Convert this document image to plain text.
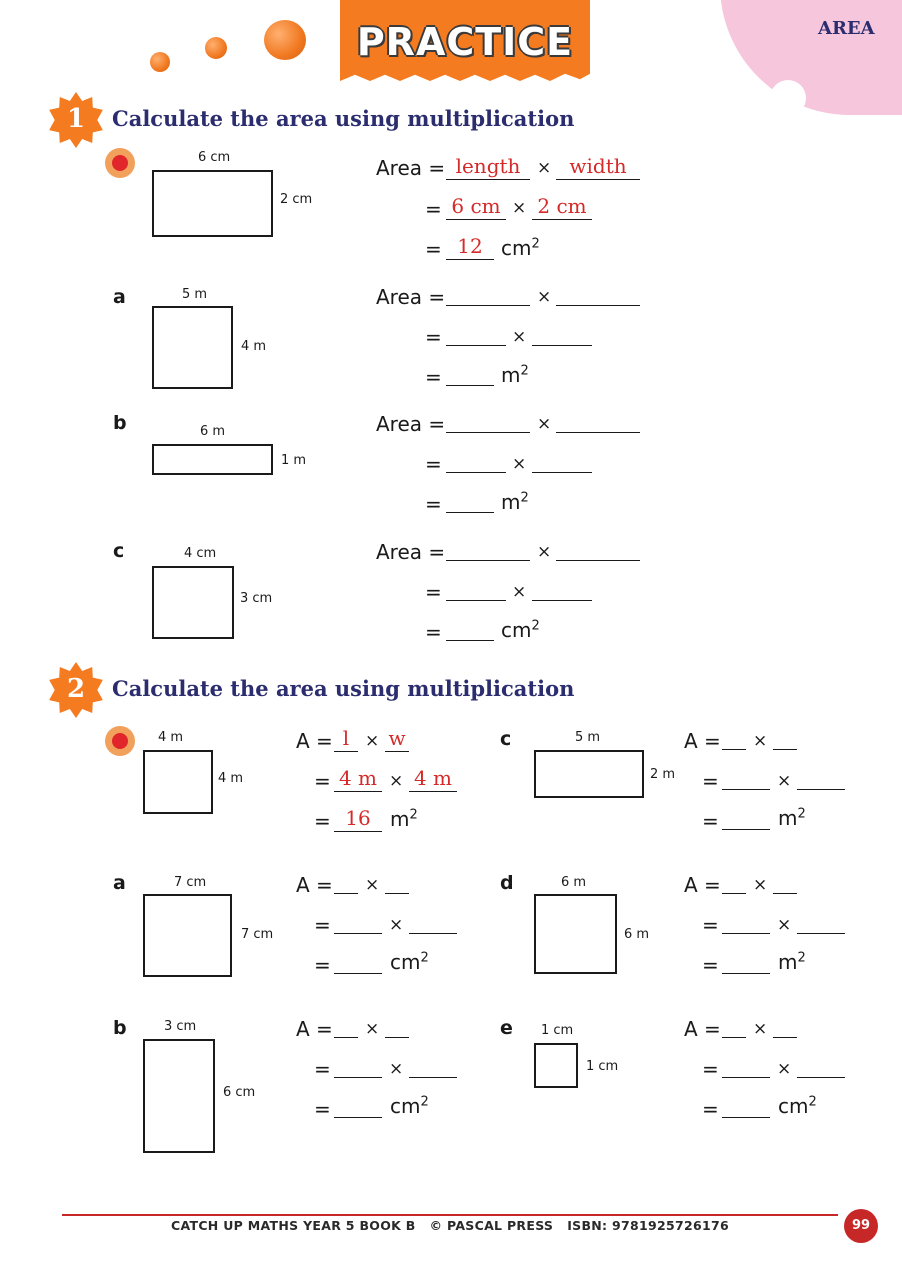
PRACTICE	AREA
1	Calculate the area using multiplication
6 cm
2 cm
Area = length × width
= 6 cm × 2 cm
= 12 $cm^2$
a	5 m
4 m
Area =	×
=	×
=	$m^2$
b	6 m
1 m
Area =	×
=	×
=	$m^2$
c	4 cm
3 cm
Area =	×
=	×
=	$cm^2$
2	Calculate the area using multiplication
4 m
4 m
A = l × w
= 4 m × 4 m
= 16 $m^2$
a	7 cm
7 cm
A = ×
=	×
=	$cm^2$
b	3 cm
6 cm
A = ×
=	×
=	$cm^2$
c	5 m
2 m
A = ×
=	×
=	$m^2$
d	6 m
6 m
A = ×
=	×
=	$m^2$
e 1 cm
1 cm
A = ×
=	×
=	$cm^2$
CATCH UP MATHS YEAR 5 BOOK B   © PASCAL PRESS   ISBN: 9781925726176	99
